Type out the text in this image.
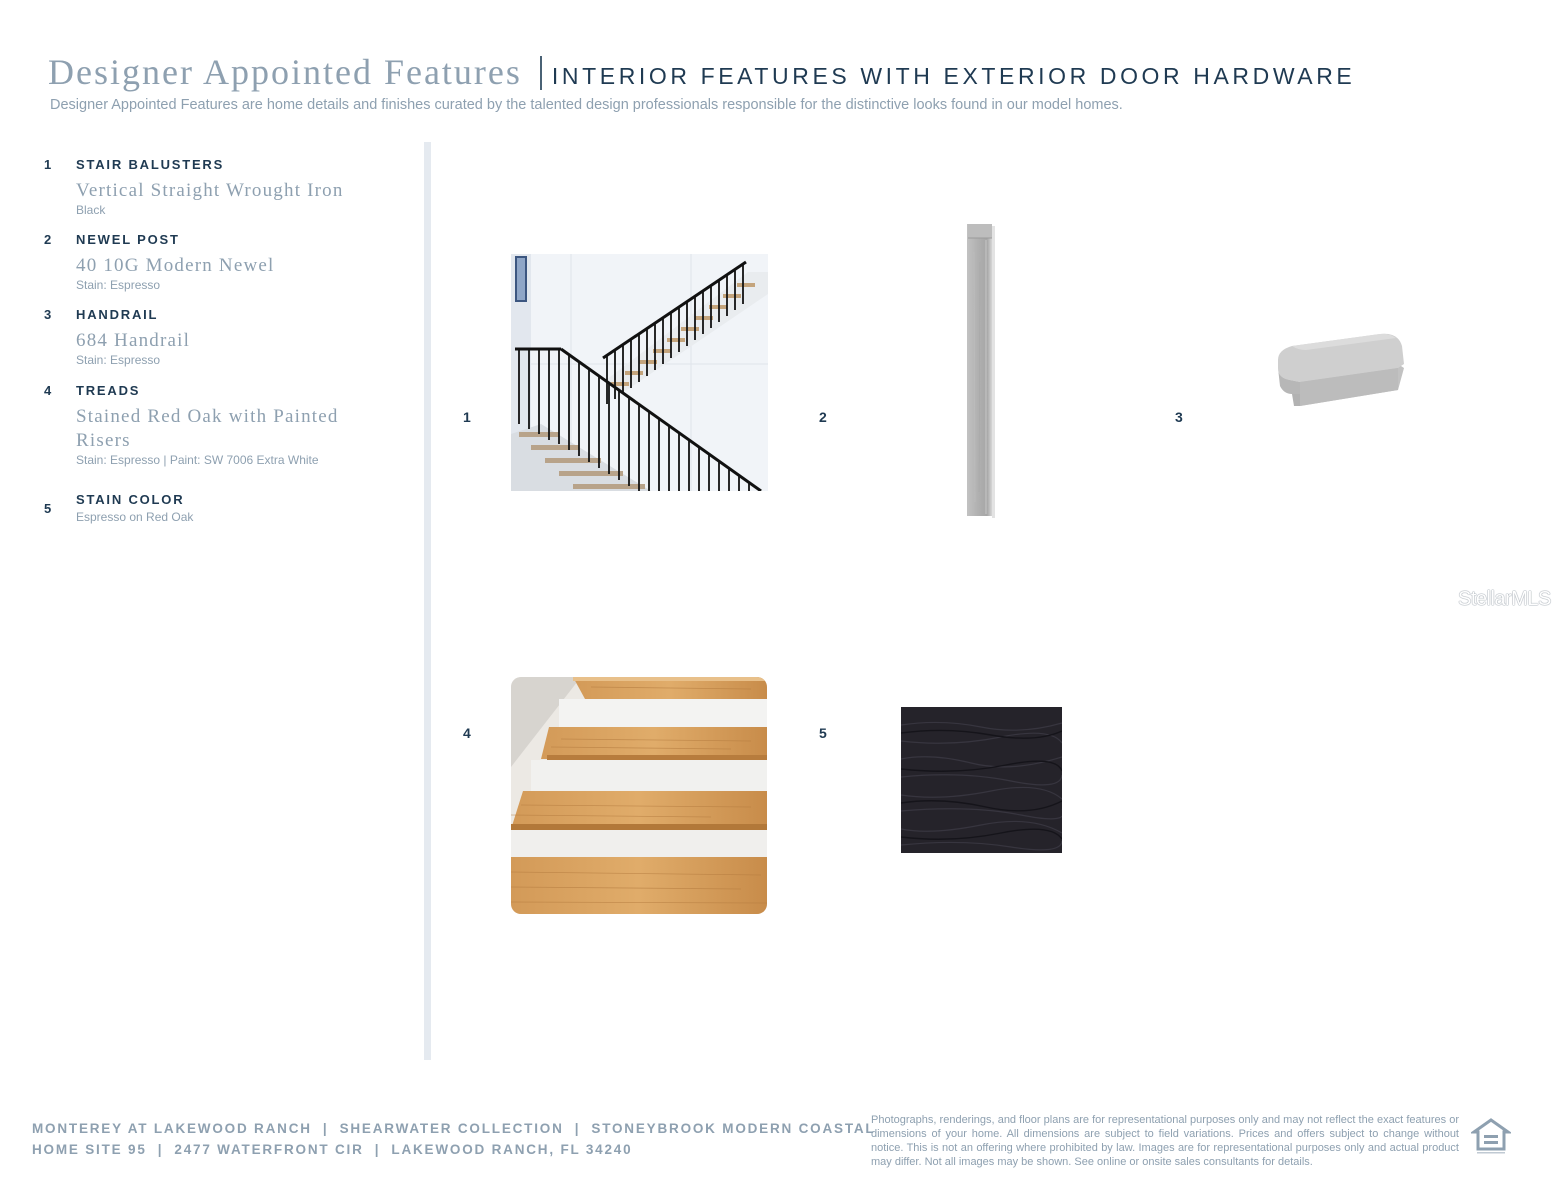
Designer Appointed Features INTERIOR FEATURES WITH EXTERIOR DOOR HARDWARE
Designer Appointed Features are home details and finishes curated by the talented design professionals responsible for the distinctive looks found in our model homes.
1 STAIR BALUSTERS
Vertical Straight Wrought Iron
Black
2 NEWEL POST
40 10G Modern Newel
Stain: Espresso
3 HANDRAIL
684 Handrail
Stain: Espresso
4 TREADS
Stained Red Oak with Painted Risers
Stain: Espresso | Paint: SW 7006 Extra White
5
STAIN COLOR
Espresso on Red Oak
1	2	3
4	5
StellarMLS
MONTEREY AT LAKEWOOD RANCH  |  SHEARWATER COLLECTION  |  STONEYBROOK MODERN COASTAL
HOME SITE 95  |  2477 WATERFRONT CIR  |  LAKEWOOD RANCH, FL 34240
Photographs, renderings, and floor plans are for representational purposes only and may not reflect the exact features or dimensions of your home. All dimensions are subject to field variations. Prices and offers subject to change without notice. This is not an offering where prohibited by law. Images are for representational purposes only and actual product may differ. Not all images may be shown. See online or onsite sales consultants for details.
